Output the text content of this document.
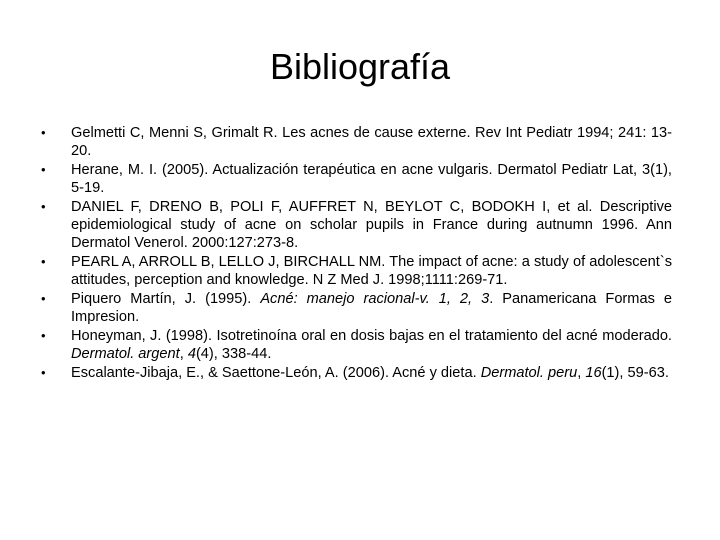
Bibliografía
• Gelmetti C, Menni S, Grimalt R. Les acnes de cause externe. Rev Int Pediatr 1994; 241: 13-20.
• Herane, M. I. (2005). Actualización terapéutica en acne vulgaris. Dermatol Pediatr Lat, 3(1), 5-19.
• DANIEL F, DRENO B, POLI F, AUFFRET N, BEYLOT C, BODOKH I, et al. Descriptive epidemiological study of acne on scholar pupils in France during autnumn 1996. Ann Dermatol Venerol. 2000:127:273-8.
• PEARL A, ARROLL B, LELLO J, BIRCHALL NM. The impact of acne: a study of adolescent`s attitudes, perception and knowledge. N Z Med J. 1998;1111:269-71.
• Piquero Martín, J. (1995). Acné: manejo racional-v. 1, 2, 3. Panamericana Formas e Impresion.
• Honeyman, J. (1998). Isotretinoína oral en dosis bajas en el tratamiento del acné moderado. Dermatol. argent, 4(4), 338-44.
• Escalante-Jibaja, E., & Saettone-León, A. (2006). Acné y dieta. Dermatol. peru, 16(1), 59-63.
